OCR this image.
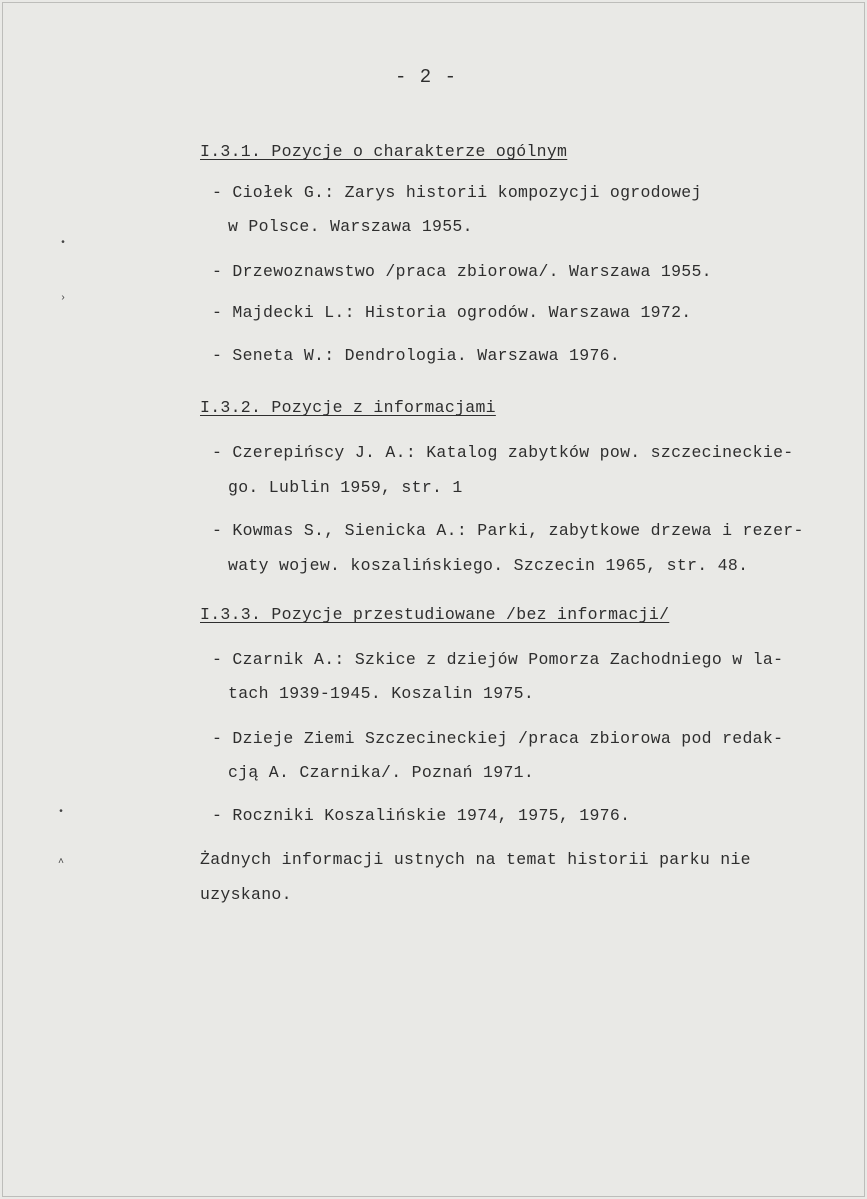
- 2 -
I.3.1. Pozycje o charakterze ogólnym
- Ciołek G.: Zarys historii kompozycji ogrodowej
w Polsce. Warszawa 1955.
- Drzewoznawstwo /praca zbiorowa/. Warszawa 1955.
- Majdecki L.: Historia ogrodów. Warszawa 1972.
- Seneta W.: Dendrologia. Warszawa 1976.
I.3.2. Pozycje z informacjami
- Czerepińscy J. A.: Katalog zabytków pow. szczecineckie-
go. Lublin 1959, str. 1
- Kowmas S., Sienicka A.: Parki, zabytkowe drzewa i rezer-
waty wojew. koszalińskiego. Szczecin 1965, str. 48.
I.3.3. Pozycje przestudiowane /bez informacji/
- Czarnik A.: Szkice z dziejów Pomorza Zachodniego w la-
tach 1939-1945. Koszalin 1975.
- Dzieje Ziemi Szczecineckiej /praca zbiorowa pod redak-
cją A. Czarnika/. Poznań 1971.
- Roczniki Koszalińskie 1974, 1975, 1976.
Żadnych informacji ustnych na temat historii parku nie
uzyskano.
•
›
•
˄
